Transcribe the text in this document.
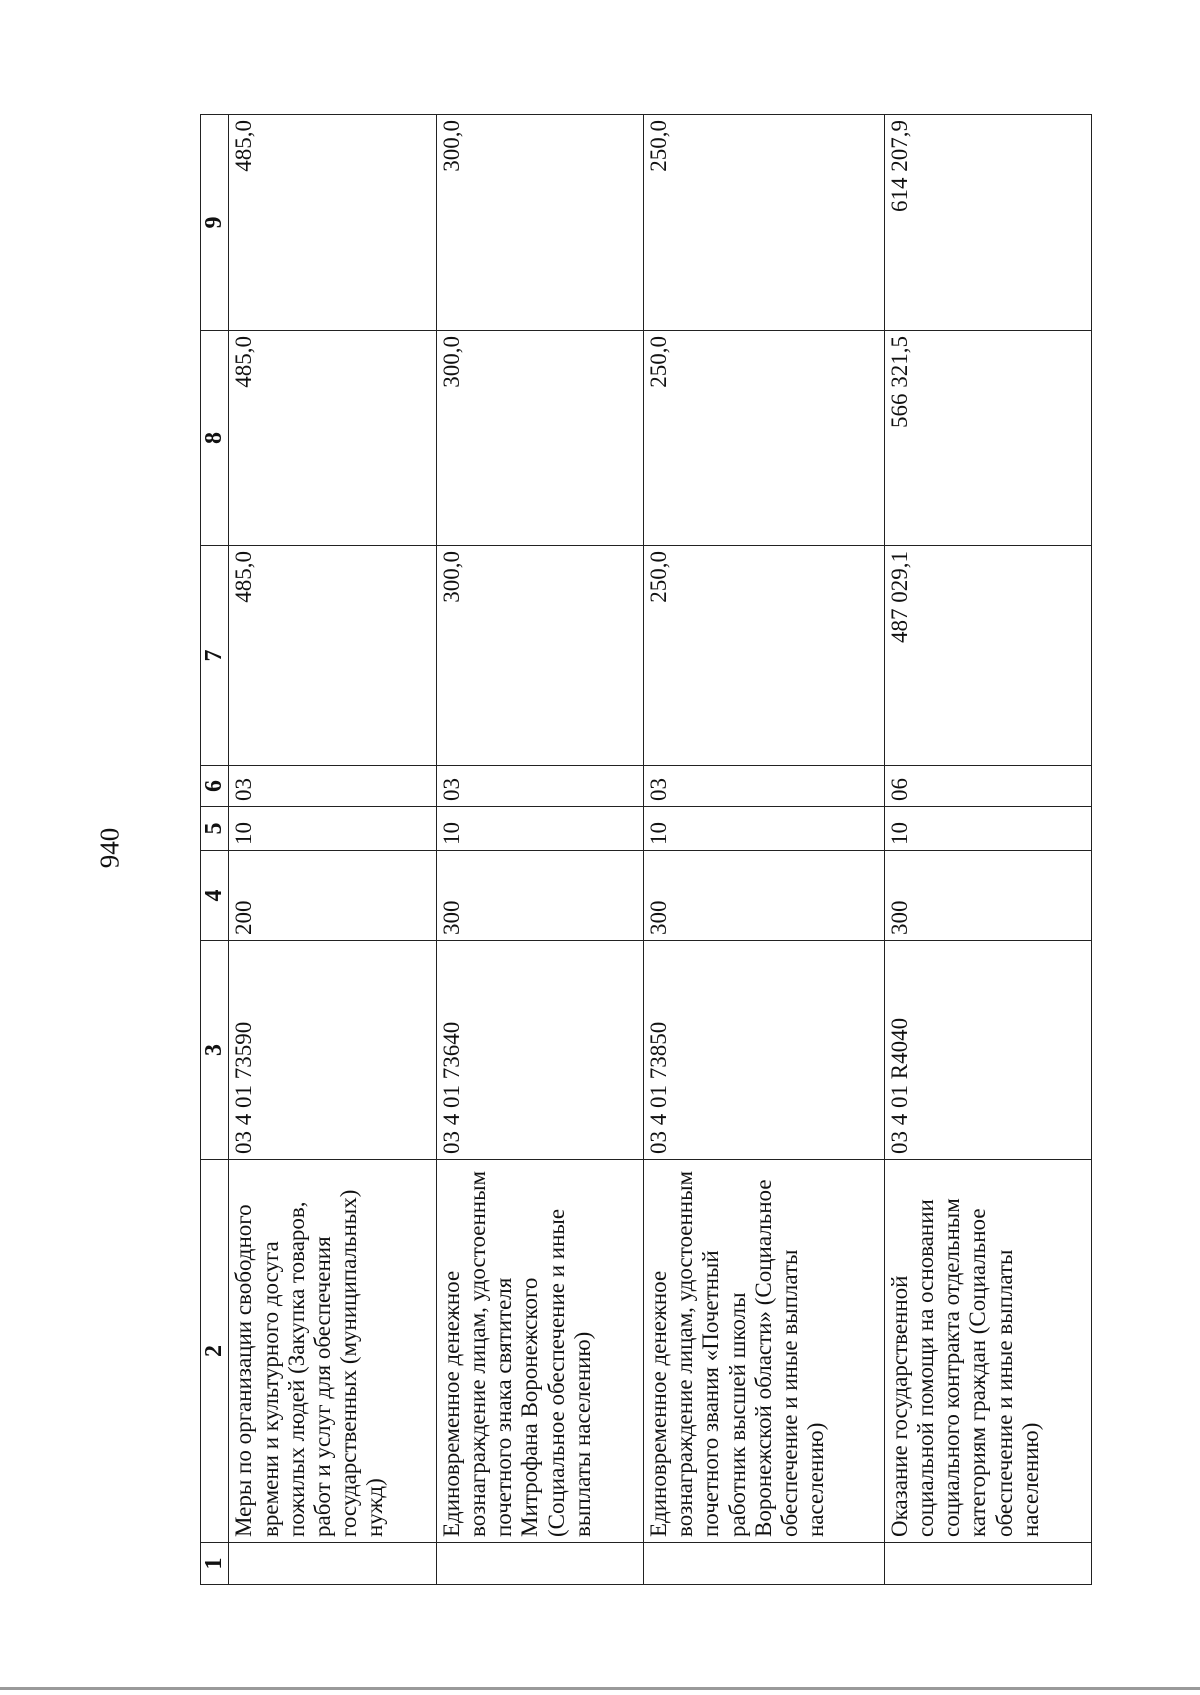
940
1	2	3	4	5	6	7	8	9
	Меры по организации свободного времени и культурного досуга пожилых людей (Закупка товаров, работ и услуг для обеспечения государственных (муниципальных) нужд)	03 4 01 73590	200	10	03	485,0	485,0	485,0
	Единовременное денежное вознаграждение лицам, удостоенным почетного знака святителя Митрофана Воронежского (Социальное обеспечение и иные выплаты населению)	03 4 01 73640	300	10	03	300,0	300,0	300,0
	Единовременное денежное вознаграждение лицам, удостоенным почетного звания «Почетный работник высшей школы Воронежской области» (Социальное обеспечение и иные выплаты населению)	03 4 01 73850	300	10	03	250,0	250,0	250,0
	Оказание государственной социальной помощи на основании социального контракта отдельным категориям граждан (Социальное обеспечение и иные выплаты населению)	03 4 01 R4040	300	10	06	487 029,1	566 321,5	614 207,9
